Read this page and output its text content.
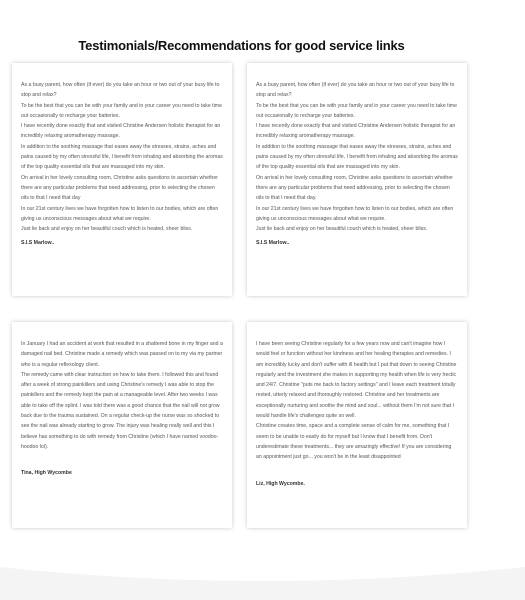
Testimonials/Recommendations for good service links

As a busy parent, how often (if ever) do you take an hour or two out of your busy life to stop and relax?

To be the best that you can be with your family and in your career you need to take time out occasionally to recharge your batteries.

I have recently done exactly that and visited Christine Andersen holistic therapist for an incredibly relaxing aromatherapy massage.

In addition to the soothing massage that eases away the stresses, strains, aches and pains caused by my often stressful life, I benefit from inhaling and absorbing the aromas of the top quality essential oils that are massaged into my skin.

On arrival in her lovely consulting room, Christine asks questions to ascertain whether there are any particular problems that need addressing, prior to selecting the chosen oils to that I need that day

In our 21st century lives we have forgotten how to listen to our bodies, which are often giving us unconscious messages about what we require.

Just lie back and enjoy on her beautiful couch which is heated, sheer bliss.

S.I.S Marlow..

As a busy parent, how often (if ever) do you take an hour or two out of your busy life to stop and relax?

To be the best that you can be with your family and in your career you need to take time out occasionally to recharge your batteries.

I have recently done exactly that and visited Christine Andersen holistic therapist for an incredibly relaxing aromatherapy massage.

In addition to the soothing massage that eases away the stresses, strains, aches and pains caused by my often stressful life, I benefit from inhaling and absorbing the aromas of the top quality essential oils that are massaged into my skin.

On arrival in her lovely consulting room, Christine asks questions to ascertain whether there are any particular problems that need addressing, prior to selecting the chosen oils to that I need that day.

In our 21st century lives we have forgotten how to listen to our bodies, which are often giving us unconscious messages about what we require.

Just lie back and enjoy on her beautiful couch which is heated, sheer bliss.

S.I.S Marlow..

In January I had an accident at work that resulted in a shattered bone in my finger and a damaged nail bed. Christine made a remedy which was passed on to my via my partner who is a regular reflexology client.

The remedy came with clear instruction on how to take them. I followed this and found after a week of strong painkillers and using Christine's remedy I was able to stop the painkillers and the remedy kept the pain at a manageable level. After two weeks I was able to take off the splint. I was told there was a good chance that the nail will not grow back due to the trauma sustained. On a regular check-up the nurse was so shocked to see the nail was already starting to grow. The injury was healing really well and this I believe has something to do with remedy from Christine (which I have named voodoo-hoodoo lol).

Tina, High Wycombe

I have been seeing Christine regularly for a few years now and can't imagine how I would feel or function without her kindness and her healing therapies and remedies. I am incredibly lucky and don't suffer with ill health but I put that down to seeing Christine regularly and the investment she makes in supporting my health when life is very hectic and 24/7. Christine "puts me back to factory settings" and I leave each treatment totally rested, utterly relaxed and thoroughly restored. Christine and her treatments are exceptionally nurturing and soothe the mind and soul... without them I'm not sure that I would handle life's challenges quite so well.

Christine creates time, space and a complete sense of calm for me, something that I seem to be unable to easily do for myself but I know that I benefit from. Don't underestimate these treatments... they are amazingly effective! If you are considering an appointment just go... you won't be in the least disappointed

Liz, High Wycombe.
